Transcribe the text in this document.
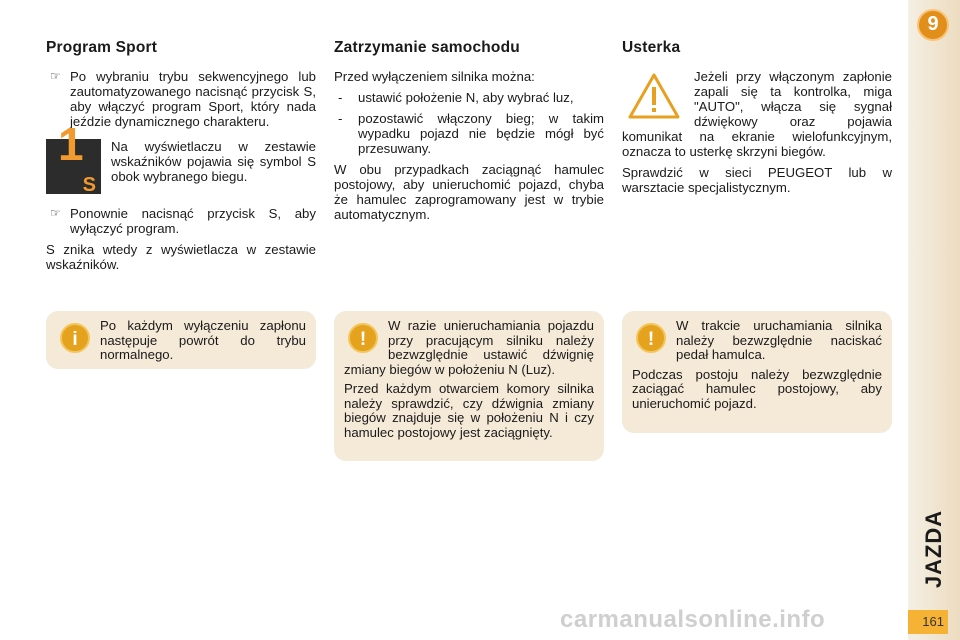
Program Sport
☞ Po wybraniu trybu sekwencyjnego lub zautomatyzowanego nacisnąć przycisk S, aby włączyć program Sport, który nada jeździe dynamicznego charakteru.
1
S
Na wyświetlaczu w zestawie wskaźników pojawia się symbol S obok wybranego biegu.
☞ Ponownie nacisnąć przycisk S, aby wyłączyć program.

S znika wtedy z wyświetlacza w zestawie wskaźników.

Zatrzymanie samochodu

Przed wyłączeniem silnika można:

-	ustawić położenie N, aby wybrać luz,
-	pozostawić włączony bieg; w takim wypadku pojazd nie będzie mógł być przesuwany.

W obu przypadkach zaciągnąć hamulec postojowy, aby unieruchomić pojazd, chyba że hamulec zaprogramowany jest w trybie automatycznym.

Usterka

Jeżeli przy włączonym zapłonie zapali się ta kontrolka, miga "AUTO", włącza się sygnał dźwiękowy oraz pojawia komunikat na ekranie wielofunkcyjnym, oznacza to usterkę skrzyni biegów.

Sprawdzić w sieci PEUGEOT lub w warsztacie specjalistycznym.

i

Po każdym wyłączeniu zapłonu następuje powrót do trybu normalnego.

!

W razie unieruchamiania pojazdu przy pracującym silniku należy bezwzględnie ustawić dźwignię zmiany biegów w położeniu N (Luz).

Przed każdym otwarciem komory silnika należy sprawdzić, czy dźwignia zmiany biegów znajduje się w położeniu N i czy hamulec postojowy jest zaciągnięty.

!

W trakcie uruchamiania silnika należy bezwzględnie naciskać pedał hamulca.

Podczas postoju należy bezwzględnie zaciągać hamulec postojowy, aby unieruchomić pojazd.

9
JAZDA
161
carmanualsonline.info
